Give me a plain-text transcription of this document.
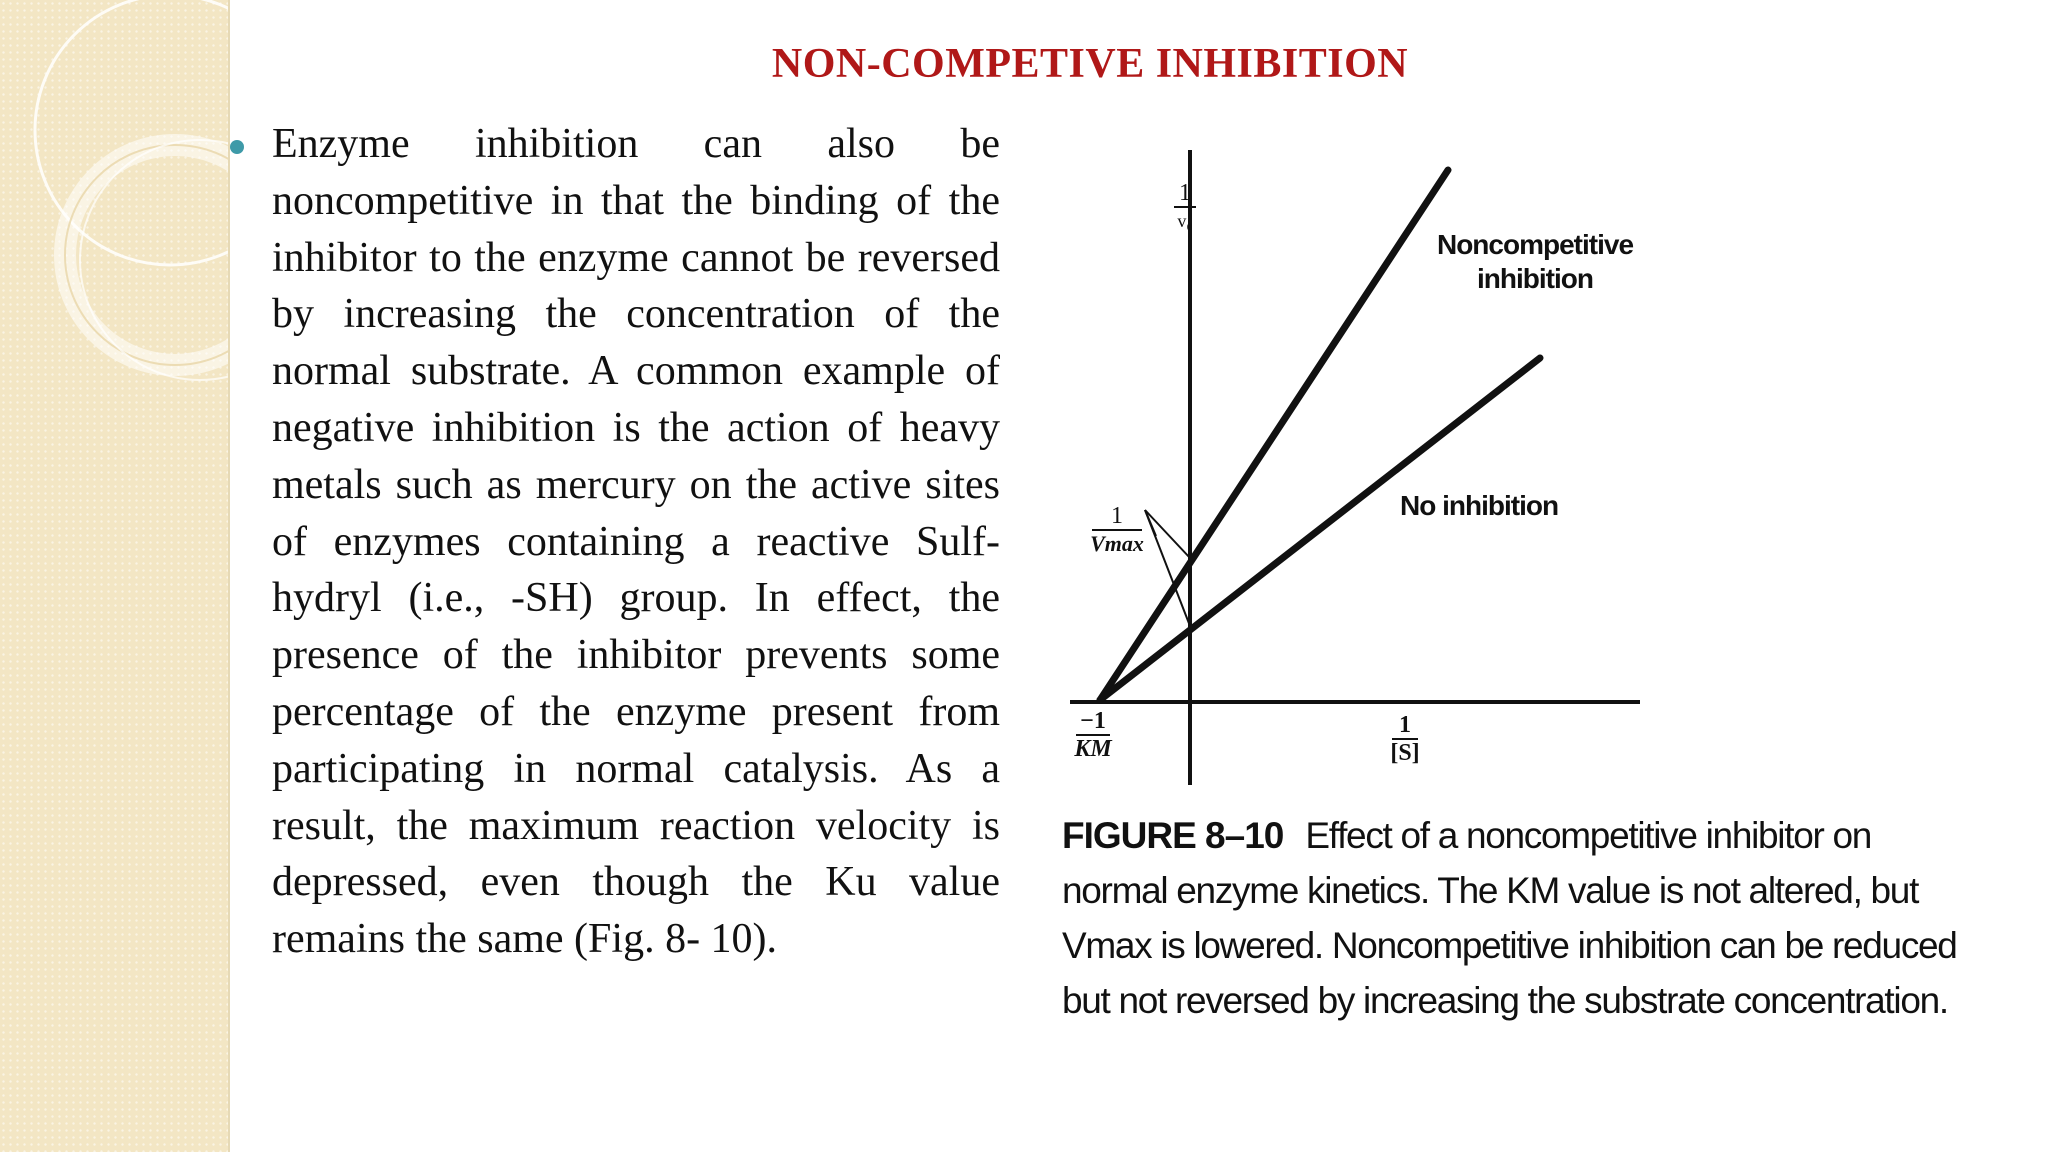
NON-COMPETIVE INHIBITION
Enzyme inhibition can also be noncompetitive in that the binding of the inhibitor to the enzyme cannot be reversed by increasing the concentration of the normal substrate. A common example of negative inhibition is the action of heavy metals such as mercury on the active sites of enzymes containing a reactive Sulf-hydryl (i.e., -SH) group. In effect, the presence of the inhibitor prevents some percentage of the enzyme present from participating in normal catalysis. As a result, the maximum reaction velocity is depressed, even though the Ku value remains the same (Fig. 8- 10).
1
v₀
Noncompetitive inhibition
No inhibition
1
Vmax
−1
KM
1
[S]
FIGURE 8–10 Effect of a noncompetitive inhibitor on normal enzyme kinetics. The KM value is not altered, but Vmax is lowered. Noncompetitive inhibition can be reduced but not reversed by increasing the substrate concentration.
